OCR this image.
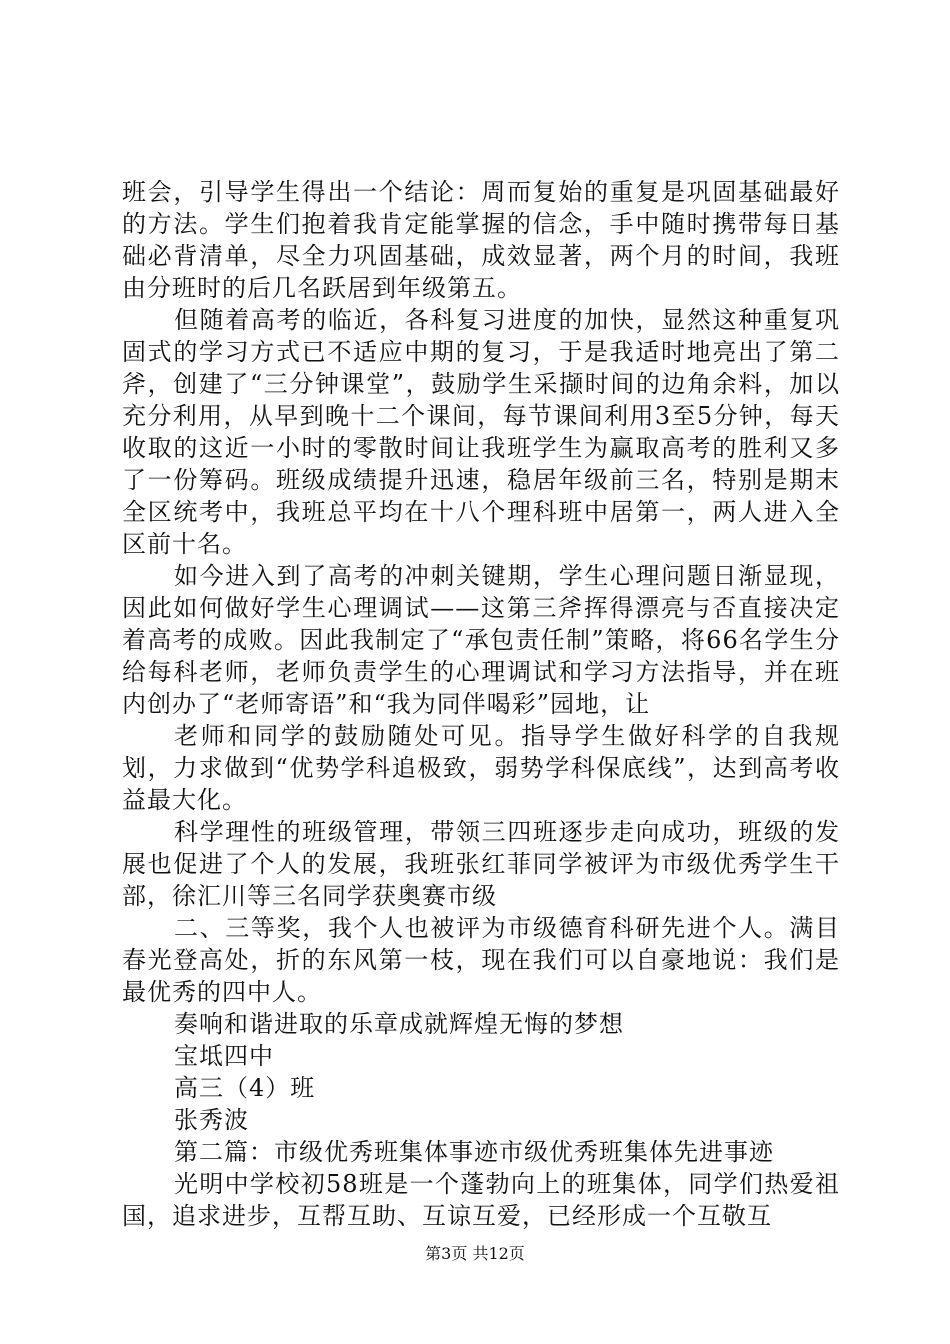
班会，引导学生得出一个结论：周而复始的重复是巩固基础最好的方法。学生们抱着我肯定能掌握的信念，手中随时携带每日基础必背清单，尽全力巩固基础，成效显著，两个月的时间，我班由分班时的后几名跃居到年级第五。

但随着高考的临近，各科复习进度的加快，显然这种重复巩固式的学习方式已不适应中期的复习，于是我适时地亮出了第二斧，创建了“三分钟课堂”，鼓励学生采撷时间的边角余料，加以充分利用，从早到晚十二个课间，每节课间利用3至5分钟，每天收取的这近一小时的零散时间让我班学生为赢取高考的胜利又多了一份筹码。班级成绩提升迅速，稳居年级前三名，特别是期末全区统考中，我班总平均在十八个理科班中居第一，两人进入全区前十名。

如今进入到了高考的冲刺关键期，学生心理问题日渐显现，因此如何做好学生心理调试——这第三斧挥得漂亮与否直接决定着高考的成败。因此我制定了“承包责任制”策略，将66名学生分给每科老师，老师负责学生的心理调试和学习方法指导，并在班内创办了“老师寄语”和“我为同伴喝彩”园地，让

老师和同学的鼓励随处可见。指导学生做好科学的自我规划，力求做到“优势学科追极致，弱势学科保底线”，达到高考收益最大化。

科学理性的班级管理，带领三四班逐步走向成功，班级的发展也促进了个人的发展，我班张红菲同学被评为市级优秀学生干部，徐汇川等三名同学获奥赛市级

二、三等奖，我个人也被评为市级德育科研先进个人。满目春光登高处，折的东风第一枝，现在我们可以自豪地说：我们是最优秀的四中人。

奏响和谐进取的乐章成就辉煌无悔的梦想

宝坻四中

高三（4）班

张秀波

第二篇：市级优秀班集体事迹市级优秀班集体先进事迹

光明中学校初58班是一个蓬勃向上的班集体，同学们热爱祖国，追求进步，互帮互助、互谅互爱，已经形成一个互敬互

第3页 共12页
